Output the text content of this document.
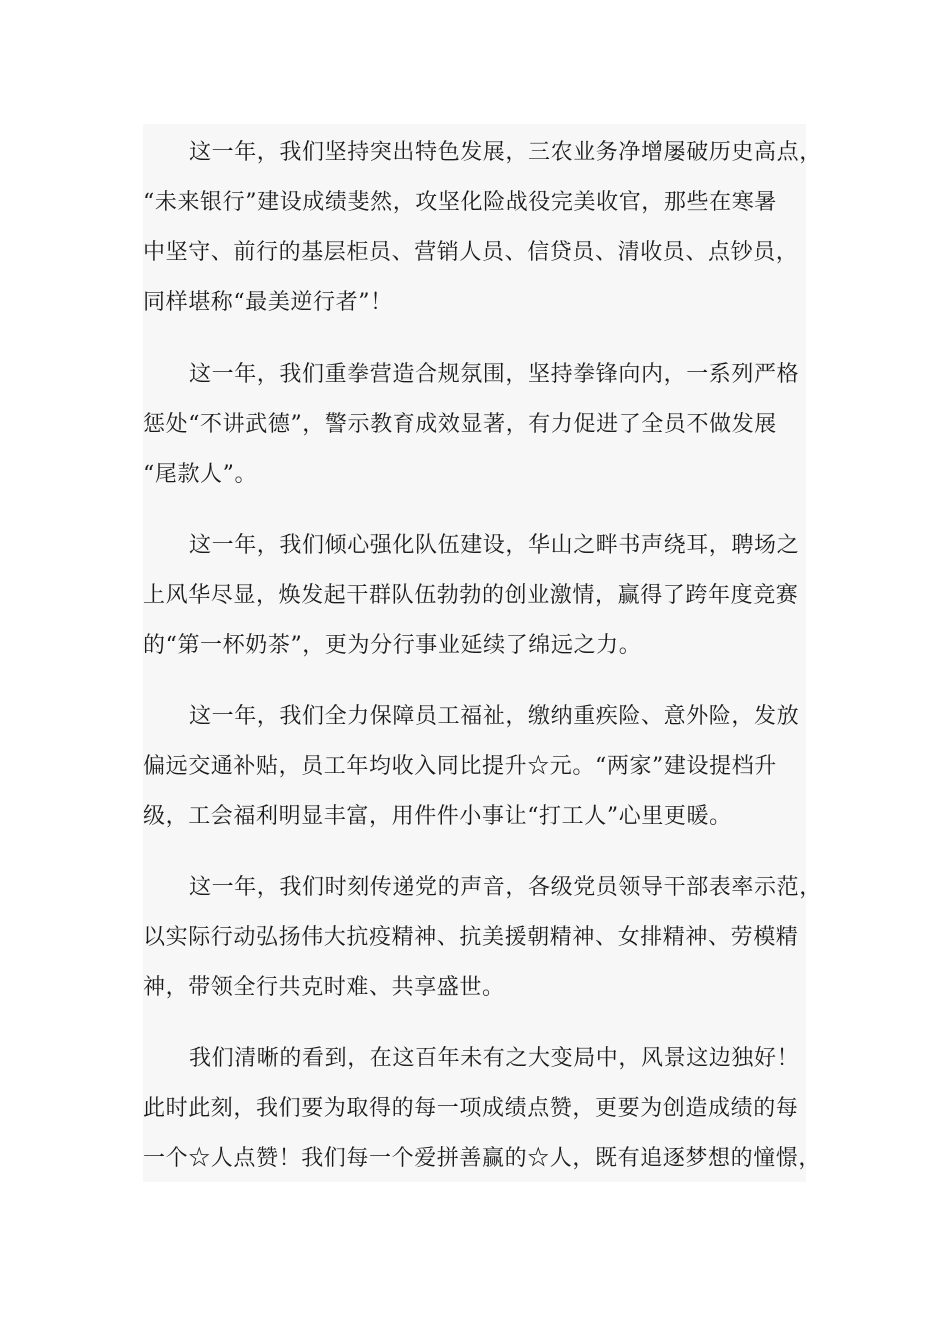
这一年，我们坚持突出特色发展，三农业务净增屡破历史高点，
“未来银行”建设成绩斐然，攻坚化险战役完美收官，那些在寒暑
中坚守、前行的基层柜员、营销人员、信贷员、清收员、点钞员，
同样堪称“最美逆行者”！

这一年，我们重拳营造合规氛围，坚持拳锋向内，一系列严格
惩处“不讲武德”，警示教育成效显著，有力促进了全员不做发展
“尾款人”。

这一年，我们倾心强化队伍建设，华山之畔书声绕耳，聘场之
上风华尽显，焕发起干群队伍勃勃的创业激情，赢得了跨年度竞赛
的“第一杯奶茶”，更为分行事业延续了绵远之力。

这一年，我们全力保障员工福祉，缴纳重疾险、意外险，发放
偏远交通补贴，员工年均收入同比提升☆元。“两家”建设提档升
级，工会福利明显丰富，用件件小事让“打工人”心里更暖。

这一年，我们时刻传递党的声音，各级党员领导干部表率示范，
以实际行动弘扬伟大抗疫精神、抗美援朝精神、女排精神、劳模精
神，带领全行共克时难、共享盛世。

我们清晰的看到，在这百年未有之大变局中，风景这边独好！
此时此刻，我们要为取得的每一项成绩点赞，更要为创造成绩的每
一个☆人点赞！我们每一个爱拼善赢的☆人，既有追逐梦想的憧憬，
